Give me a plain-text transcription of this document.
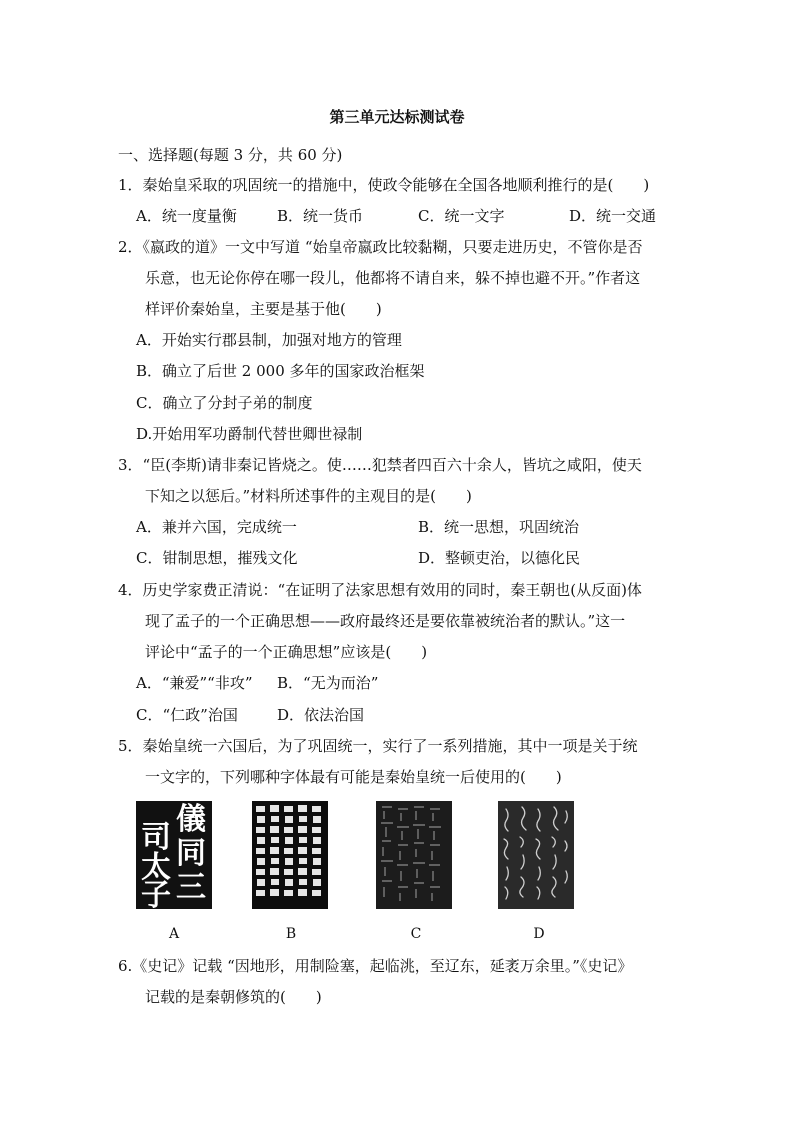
第三单元达标测试卷
一、选择题(每题 3 分，共 60 分)
1．秦始皇采取的巩固统一的措施中，使政令能够在全国各地顺利推行的是(　　)
A．统一度量衡	B．统一货币	C．统一文字	D．统一交通
2．《嬴政的道》一文中写道 “始皇帝嬴政比较黏糊，只要走进历史，不管你是否
乐意，也无论你停在哪一段儿，他都将不请自来，躲不掉也避不开。”作者这
样评价秦始皇，主要是基于他(　　)
A．开始实行郡县制，加强对地方的管理
B．确立了后世 2 000 多年的国家政治框架
C．确立了分封子弟的制度
D.开始用军功爵制代替世卿世禄制
3．“臣(李斯)请非秦记皆烧之。使……犯禁者四百六十余人，皆坑之咸阳，使天
下知之以惩后。”材料所述事件的主观目的是(　　)
A．兼并六国，完成统一	B．统一思想，巩固统治
C．钳制思想，摧残文化	D．整顿吏治，以德化民
4．历史学家费正清说：“在证明了法家思想有效用的同时，秦王朝也(从反面)体
现了孟子的一个正确思想——政府最终还是要依靠被统治者的默认。”这一
评论中“孟子的一个正确思想”应该是(　　)
A．“兼爱”“非攻” B．“无为而治”
C．“仁政”治国	D．依法治国
5．秦始皇统一六国后，为了巩固统一，实行了一系列措施，其中一项是关于统
一文字的，下列哪种字体最有可能是秦始皇统一后使用的(　　)
儀
同
三
司
太
子
A	B	C	D
6.《史记》记载 “因地形，用制险塞，起临洮，至辽东，延袤万余里。”《史记》
记载的是秦朝修筑的(　　)
